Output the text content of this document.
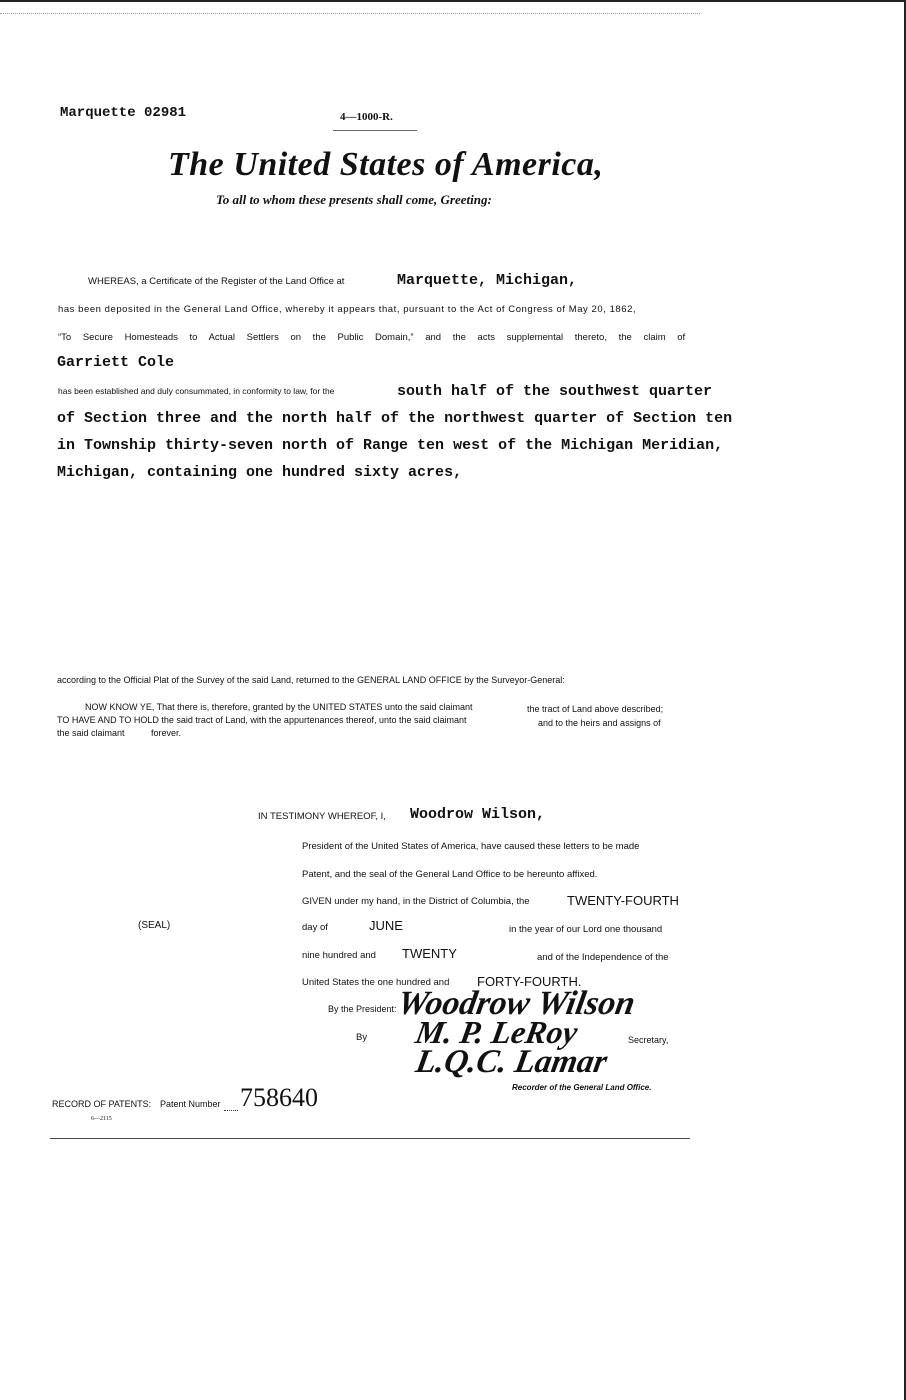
Marquette 02981	4—1000-R.
The United States of America,
To all to whom these presents shall come, Greeting:
WHEREAS, a Certificate of the Register of the Land Office at	Marquette, Michigan,
has been deposited in the General Land Office, whereby it appears that, pursuant to the Act of Congress of May 20, 1862,
“To Secure Homesteads to Actual Settlers on the Public Domain,” and the acts supplemental thereto, the claim of
Garriett Cole
has been established and duly consummated, in conformity to law, for the	south half of the southwest quarter
of Section three and the north half of the northwest quarter of Section ten
in Township thirty-seven north of Range ten west of the Michigan Meridian,
Michigan, containing one hundred sixty acres,
according to the Official Plat of the Survey of the said Land, returned to the GENERAL LAND OFFICE by the Surveyor-General:
NOW KNOW YE, That there is, therefore, granted by the UNITED STATES unto the said claimant	the tract of Land above described;
TO HAVE AND TO HOLD the said tract of Land, with the appurtenances thereof, unto the said claimant	and to the heirs and assigns of
the said claimant	forever.
IN TESTIMONY WHEREOF, I, Woodrow Wilson,
President of the United States of America, have caused these letters to be made
Patent, and the seal of the General Land Office to be hereunto affixed.
GIVEN under my hand, in the District of Columbia, the	TWENTY-FOURTH
(SEAL)	day of	JUNE	in the year of our Lord one thousand
nine hundred and TWENTY	and of the Independence of the
United States the one hundred and FORTY-FOURTH.
By the President:
Woodrow Wilson
By M. P. LeRoy	Secretary,
L.Q.C. Lamar
Recorder of the General Land Office.
RECORD OF PATENTS: Patent Number 758640
6—2115
